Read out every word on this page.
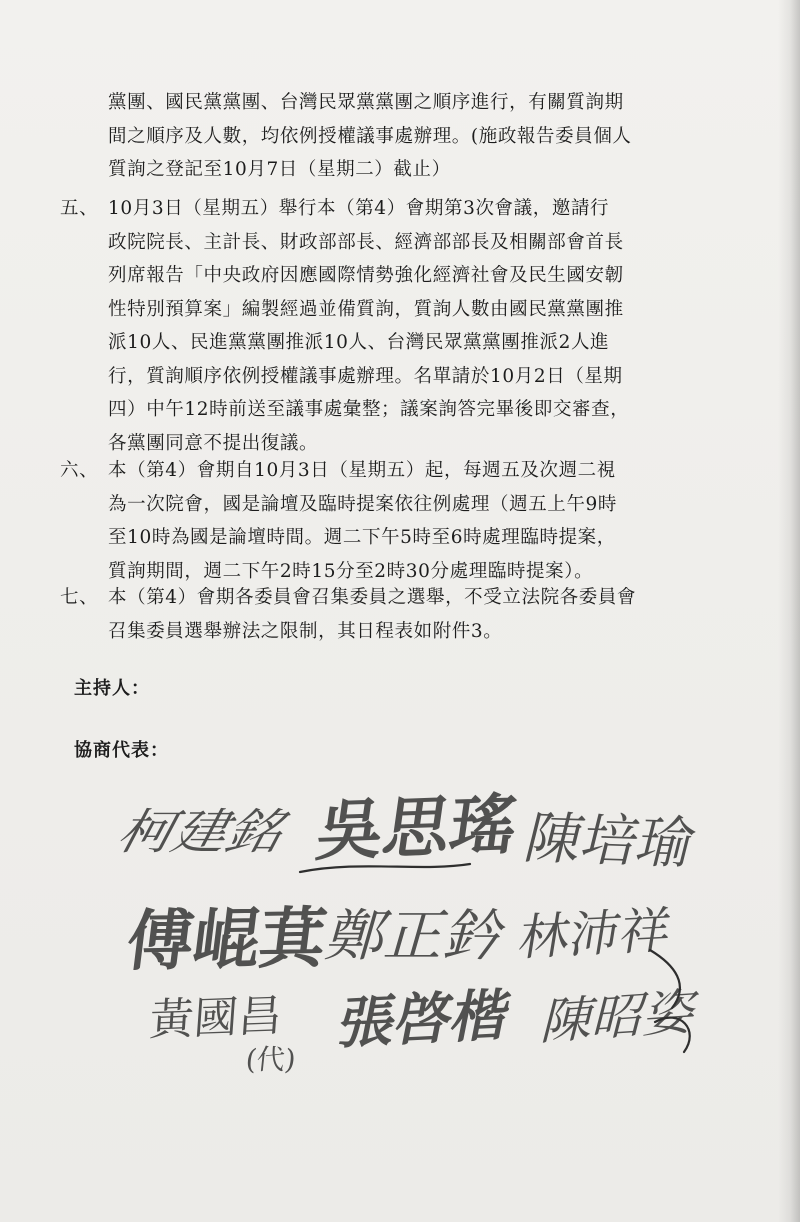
黨團、國民黨黨團、台灣民眾黨黨團之順序進行，有關質詢期
間之順序及人數，均依例授權議事處辦理。(施政報告委員個人
質詢之登記至10月7日（星期二）截止）
五、 10月3日（星期五）舉行本（第4）會期第3次會議，邀請行
政院院長、主計長、財政部部長、經濟部部長及相關部會首長
列席報告「中央政府因應國際情勢強化經濟社會及民生國安韌
性特別預算案」編製經過並備質詢，質詢人數由國民黨黨團推
派10人、民進黨黨團推派10人、台灣民眾黨黨團推派2人進
行，質詢順序依例授權議事處辦理。名單請於10月2日（星期
四）中午12時前送至議事處彙整；議案詢答完畢後即交審查，
各黨團同意不提出復議。
六、 本（第4）會期自10月3日（星期五）起，每週五及次週二視
為一次院會，國是論壇及臨時提案依往例處理（週五上午9時
至10時為國是論壇時間。週二下午5時至6時處理臨時提案，
質詢期間，週二下午2時15分至2時30分處理臨時提案）。
七、 本（第4）會期各委員會召集委員之選舉，不受立法院各委員會
召集委員選舉辦法之限制，其日程表如附件3。
主持人：
協商代表：
柯建銘 吳思瑤
陳培瑜
傅崐萁
鄭正鈐 林沛祥
黃國昌 張啓楷 陳昭姿
(代)
